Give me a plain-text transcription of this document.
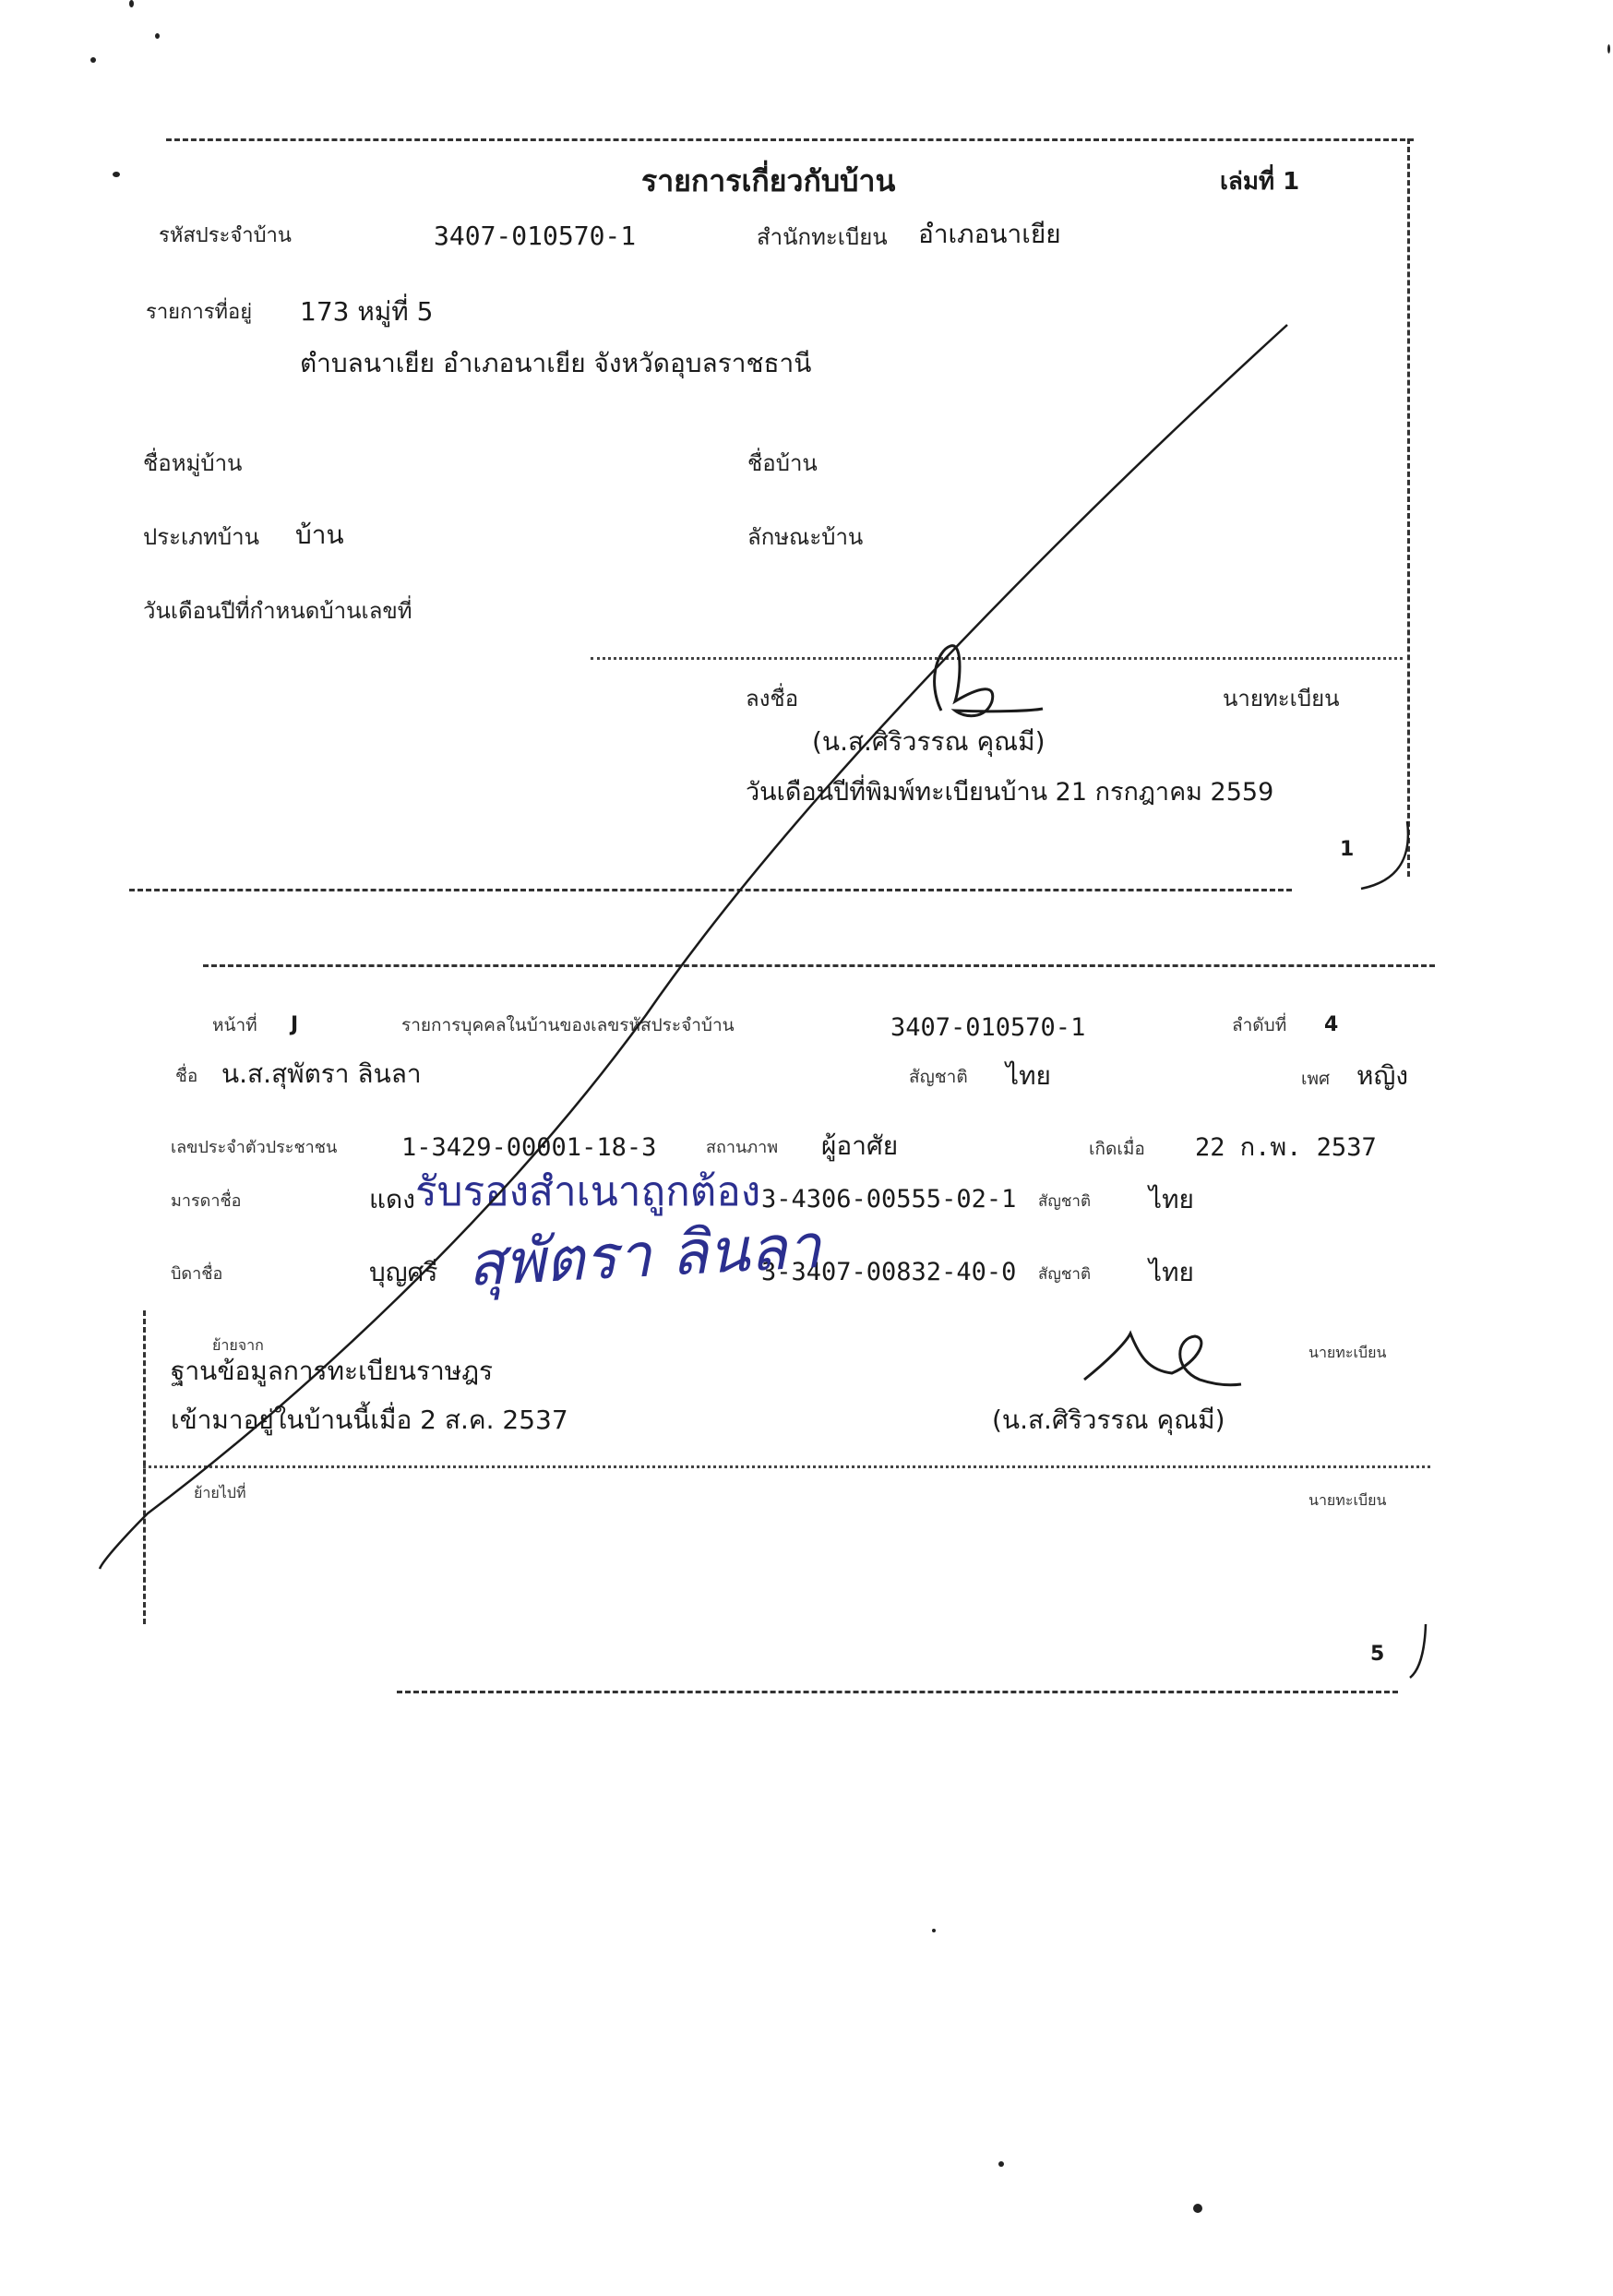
รายการเกี่ยวกับบ้าน	เล่มที่ 1
รหัสประจำบ้าน	3407-010570-1	สำนักทะเบียน อำเภอนาเยีย
รายการที่อยู่ 173 หมู่ที่ 5
ตำบลนาเยีย อำเภอนาเยีย จังหวัดอุบลราชธานี
ชื่อหมู่บ้าน	ชื่อบ้าน
ประเภทบ้าน บ้าน	ลักษณะบ้าน
วันเดือนปีที่กำหนดบ้านเลขที่
ลงชื่อ	นายทะเบียน
(น.ส.ศิริวรรณ คุณมี)
วันเดือนปีที่พิมพ์ทะเบียนบ้าน 21 กรกฎาคม 2559
1
หน้าที่ J	รายการบุคคลในบ้านของเลขรหัสประจำบ้าน	3407-010570-1	ลำดับที่ 4
ชื่อ น.ส.สุพัตรา ลินลา	สัญชาติ ไทย	เพศ หญิง
เลขประจำตัวประชาชน	1-3429-00001-18-3	สถานภาพ ผู้อาศัย	เกิดเมื่อ 22 ก.พ. 2537
มารดาชื่อ	แดง	3-4306-00555-02-1 สัญชาติ ไทย
บิดาชื่อ	บุญศรี	3-3407-00832-40-0 สัญชาติ ไทย
ย้ายจาก
ฐานข้อมูลการทะเบียนราษฎร
เข้ามาอยู่ในบ้านนี้เมื่อ 2 ส.ค. 2537
นายทะเบียน
(น.ส.ศิริวรรณ คุณมี)
ย้ายไปที่	นายทะเบียน
5
รับรองสำเนาถูกต้อง
สุพัตรา ลินลา
